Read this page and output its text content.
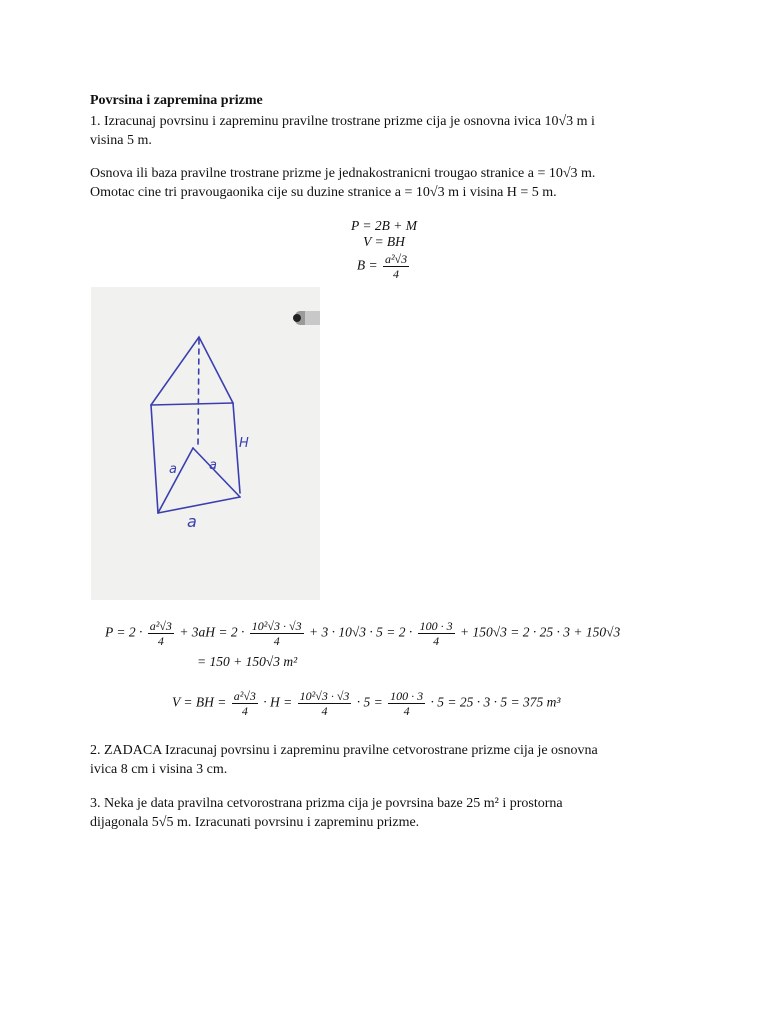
Povrsina i zapremina prizme
1. Izracunaj povrsinu i zapreminu pravilne trostrane prizme cija je osnovna ivica 10√3 m i
visina 5 m.
Osnova ili baza pravilne trostrane prizme je jednakostranicni trougao stranice a = 10√3 m.
Omotac cine tri pravougaonika cije su duzine stranice a = 10√3 m i visina H = 5 m.
P = 2B + M
V = BH
$B = \frac{\text{a²√3}}{4}$
a a
a
H
$P = 2 \cdot \frac{\text{a²√3}}{4} + 3aH = 2 \cdot \frac{\text{10²√3 · √3}}{4} + 3 \cdot 10√3 \cdot 5 = 2 \cdot \frac{100 \cdot 3}{4} + 150√3 = 2 \cdot 25 \cdot 3 + 150√3$
= 150 + 150√3 m²
V = BH = $\frac{\text{a²√3}}{4} \cdot H = \frac{\text{10²√3 · √3}}{4} \cdot 5 = \frac{100 \cdot 3}{4} \cdot 5 = 25 \cdot 3 \cdot 5 = 375$ m³
2. ZADACA Izracunaj povrsinu i zapreminu pravilne cetvorostrane prizme cija je osnovna
ivica 8 cm i visina 3 cm.
3. Neka je data pravilna cetvorostrana prizma cija je povrsina baze 25 m² i prostorna
dijagonala 5√5 m. Izracunati povrsinu i zapreminu prizme.
